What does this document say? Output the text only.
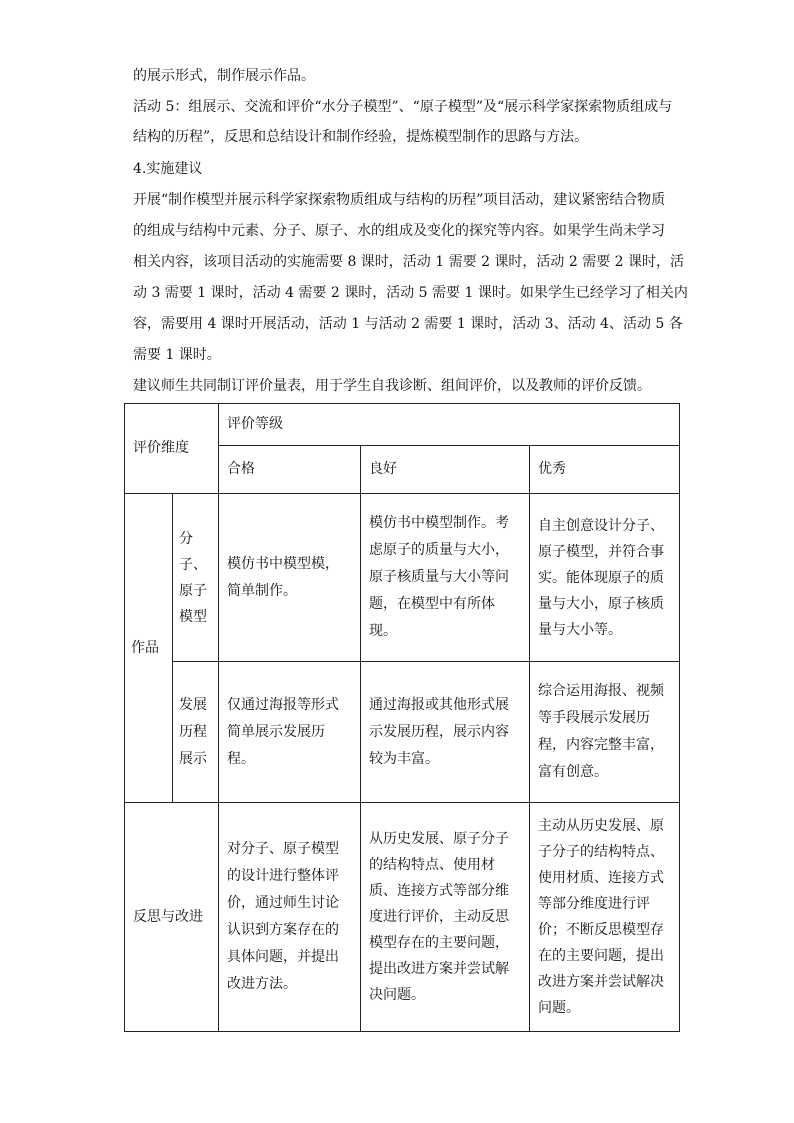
的展示形式，制作展示作品。
活动 5：组展示、交流和评价“水分子模型”、“原子模型”及“展示科学家探索物质组成与
结构的历程”，反思和总结设计和制作经验，提炼模型制作的思路与方法。
4.实施建议
开展“制作模型并展示科学家探索物质组成与结构的历程”项目活动，建议紧密结合物质
的组成与结构中元素、分子、原子、水的组成及变化的探究等内容。如果学生尚未学习
相关内容，该项目活动的实施需要 8 课时，活动 1 需要 2 课时，活动 2 需要 2 课时，活
动 3 需要 1 课时，活动 4 需要 2 课时，活动 5 需要 1 课时。如果学生已经学习了相关内
容，需要用 4 课时开展活动，活动 1 与活动 2 需要 1 课时，活动 3、活动 4、活动 5 各
需要 1 课时。
建议师生共同制订评价量表，用于学生自我诊断、组间评价，以及教师的评价反馈。
评价维度		评价等级		
		合格	良好	优秀
作品	分子、原子模型	模仿书中模型模，简单制作。	模仿书中模型制作。考虑原子的质量与大小，原子核质量与大小等问题，在模型中有所体现。	自主创意设计分子、原子模型，并符合事实。能体现原子的质量与大小，原子核质量与大小等。
	发展历程展示	仅通过海报等形式简单展示发展历程。	通过海报或其他形式展示发展历程，展示内容较为丰富。	综合运用海报、视频等手段展示发展历程，内容完整丰富，富有创意。
反思与改进		对分子、原子模型的设计进行整体评价，通过师生讨论认识到方案存在的具体问题，并提出改进方法。	从历史发展、原子分子的结构特点、使用材质、连接方式等部分维度进行评价，主动反思模型存在的主要问题，提出改进方案并尝试解决问题。	主动从历史发展、原子分子的结构特点、使用材质、连接方式等部分维度进行评价；不断反思模型存在的主要问题，提出改进方案并尝试解决问题。
